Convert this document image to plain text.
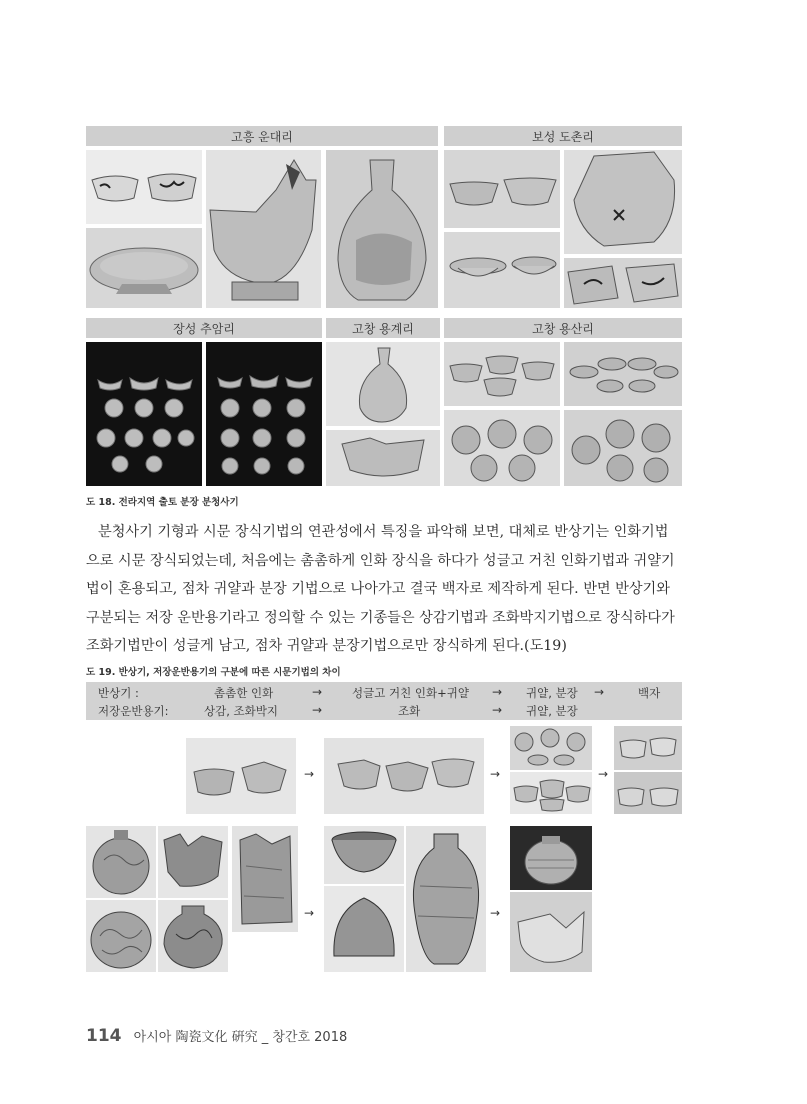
고흥 운대리	보성 도촌리
장성 추암리	고창 용계리	고창 용산리
도 18. 전라지역 출토 분장 분청사기
분청사기 기형과 시문 장식기법의 연관성에서 특징을 파악해 보면, 대체로 반상기는 인화기법
으로 시문 장식되었는데, 처음에는 촘촘하게 인화 장식을 하다가 성글고 거친 인화기법과 귀얄기
법이 혼용되고, 점차 귀얄과 분장 기법으로 나아가고 결국 백자로 제작하게 된다. 반면 반상기와
구분되는 저장 운반용기라고 정의할 수 있는 기종들은 상감기법과 조화박지기법으로 장식하다가
조화기법만이 성글게 남고, 점차 귀얄과 분장기법으로만 장식하게 된다.(도19)
도 19. 반상기, 저장운반용기의 구분에 따른 시문기법의 차이
반상기 :	촘촘한 인화	→	성글고 거친 인화+귀얄 → 귀얄, 분장 →	백자
저장운반용기:	상감, 조화박지	→	조화	→ 귀얄, 분장
→	→	→
→	→
114 아시아 陶瓷文化 硏究 _ 창간호 2018
